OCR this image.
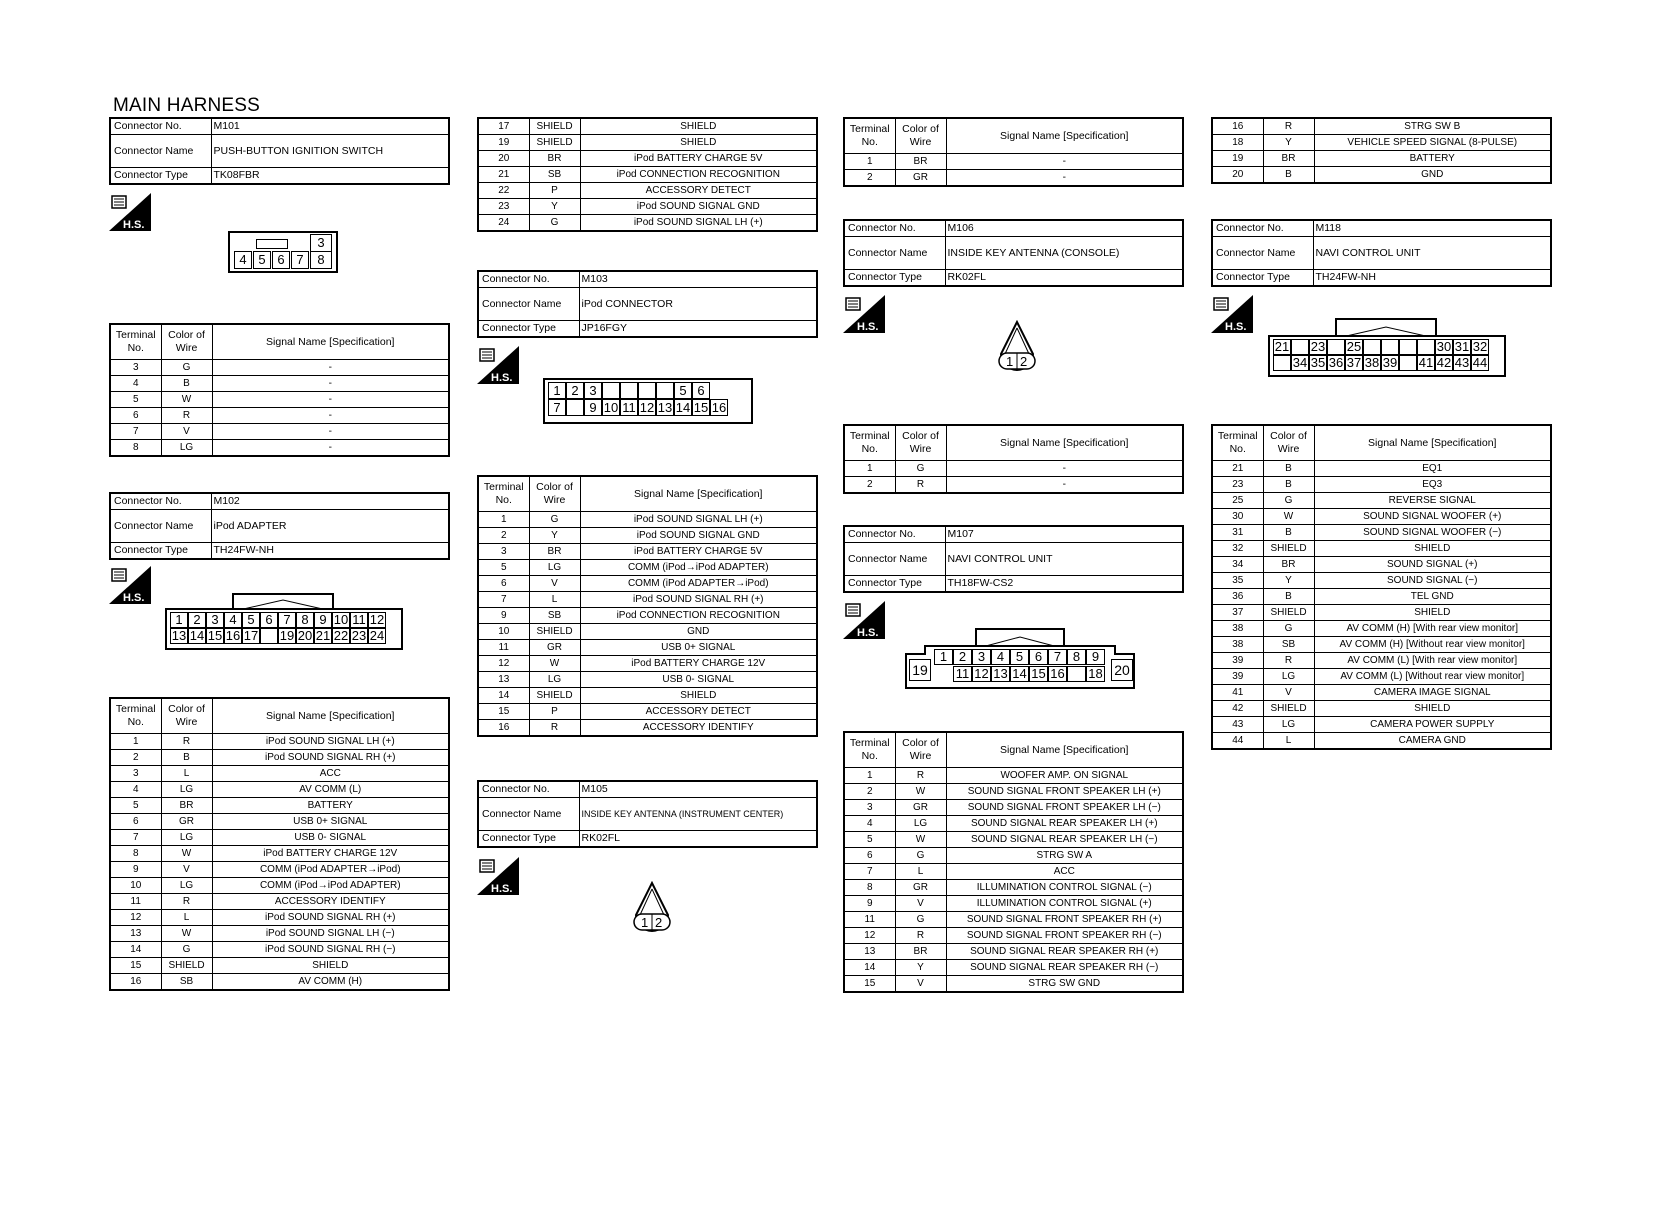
MAIN HARNESS
Connector No.	M101
Connector Name	PUSH-BUTTON IGNITION SWITCH
Connector Type	TK08FBR
H.S.
3
4 5 6 7	8
Terminal No.	Color of Wire	Signal Name [Specification]
3	G	-
4	B	-
5	W	-
6	R	-
7	V	-
8	LG	-
Connector No.	M102
Connector Name	iPod ADAPTER
Connector Type	TH24FW-NH
H.S.
1 2 3 4 5 6 7 8 9 10 11 12
13 14 15 16 17 19 20 21 22 23 24
Terminal No.	Color of Wire	Signal Name [Specification]
1	R	iPod SOUND SIGNAL LH (+)
2	B	iPod SOUND SIGNAL RH (+)
3	L	ACC
4	LG	AV COMM (L)
5	BR	BATTERY
6	GR	USB 0+ SIGNAL
7	LG	USB 0- SIGNAL
8	W	iPod BATTERY CHARGE 12V
9	V	COMM (iPod ADAPTER→iPod)
10	LG	COMM (iPod→iPod ADAPTER)
11	R	ACCESSORY IDENTIFY
12	L	iPod SOUND SIGNAL RH (+)
13	W	iPod SOUND SIGNAL LH (−)
14	G	iPod SOUND SIGNAL RH (−)
15	SHIELD	SHIELD
16	SB	AV COMM (H)
17	SHIELD	SHIELD
19	SHIELD	SHIELD
20	BR	iPod BATTERY CHARGE 5V
21	SB	iPod CONNECTION RECOGNITION
22	P	ACCESSORY DETECT
23	Y	iPod SOUND SIGNAL GND
24	G	iPod SOUND SIGNAL LH (+)
Connector No.	M103
Connector Name	iPod CONNECTOR
Connector Type	JP16FGY
H.S.
1 2 3	5 6
7	9 10 11 12 13 14 15 16
Terminal No.	Color of Wire	Signal Name [Specification]
1	G	iPod SOUND SIGNAL LH (+)
2	Y	iPod SOUND SIGNAL GND
3	BR	iPod BATTERY CHARGE 5V
5	LG	COMM (iPod→iPod ADAPTER)
6	V	COMM (iPod ADAPTER→iPod)
7	L	iPod SOUND SIGNAL RH (+)
9	SB	iPod CONNECTION RECOGNITION
10	SHIELD	GND
11	GR	USB 0+ SIGNAL
12	W	iPod BATTERY CHARGE 12V
13	LG	USB 0- SIGNAL
14	SHIELD	SHIELD
15	P	ACCESSORY DETECT
16	R	ACCESSORY IDENTIFY
Connector No.	M105
Connector Name	INSIDE KEY ANTENNA (INSTRUMENT CENTER)
Connector Type	RK02FL
H.S.
1 2
Terminal No.	Color of Wire	Signal Name [Specification]
1	BR	-
2	GR	-
Connector No.	M106
Connector Name	INSIDE KEY ANTENNA (CONSOLE)
Connector Type	RK02FL
H.S.
1 2
Terminal No.	Color of Wire	Signal Name [Specification]
1	G	-
2	R	-
Connector No.	M107
Connector Name	NAVI CONTROL UNIT
Connector Type	TH18FW-CS2
H.S.
19	20
1 2 3 4 5 6 7 8 9
11 12 13 14 15 16 18
Terminal No.	Color of Wire	Signal Name [Specification]
1	R	WOOFER AMP. ON SIGNAL
2	W	SOUND SIGNAL FRONT SPEAKER LH (+)
3	GR	SOUND SIGNAL FRONT SPEAKER LH (−)
4	LG	SOUND SIGNAL REAR SPEAKER LH (+)
5	W	SOUND SIGNAL REAR SPEAKER LH (−)
6	G	STRG SW A
7	L	ACC
8	GR	ILLUMINATION CONTROL SIGNAL (−)
9	V	ILLUMINATION CONTROL SIGNAL (+)
11	G	SOUND SIGNAL FRONT SPEAKER RH (+)
12	R	SOUND SIGNAL FRONT SPEAKER RH (−)
13	BR	SOUND SIGNAL REAR SPEAKER RH (+)
14	Y	SOUND SIGNAL REAR SPEAKER RH (−)
15	V	STRG SW GND
16	R	STRG SW B
18	Y	VEHICLE SPEED SIGNAL (8-PULSE)
19	BR	BATTERY
20	B	GND
Connector No.	M118
Connector Name	NAVI CONTROL UNIT
Connector Type	TH24FW-NH
H.S.
21 23 25	30 31 32
34 35 36 37 38 39 41 42 43 44
Terminal No.	Color of Wire	Signal Name [Specification]
21	B	EQ1
23	B	EQ3
25	G	REVERSE SIGNAL
30	W	SOUND SIGNAL WOOFER (+)
31	B	SOUND SIGNAL WOOFER (−)
32	SHIELD	SHIELD
34	BR	SOUND SIGNAL (+)
35	Y	SOUND SIGNAL (−)
36	B	TEL GND
37	SHIELD	SHIELD
38	G	AV COMM (H) [With rear view monitor]
38	SB	AV COMM (H) [Without rear view monitor]
39	R	AV COMM (L) [With rear view monitor]
39	LG	AV COMM (L) [Without rear view monitor]
41	V	CAMERA IMAGE SIGNAL
42	SHIELD	SHIELD
43	LG	CAMERA POWER SUPPLY
44	L	CAMERA GND
